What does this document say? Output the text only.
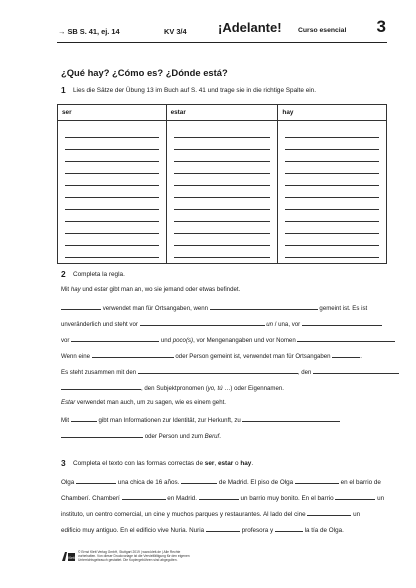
→ SB S. 41, ej. 14	KV 3/4 ¡Adelante! Curso esencial 3
¿Qué hay? ¿Cómo es? ¿Dónde está?
1 Lies die Sätze der Übung 13 im Buch auf S. 41 und trage sie in die richtige Spalte ein.
ser	estar	hay

2 Completa la regla.
Mit hay und estar gibt man an, wo sie jemand oder etwas befindet.
verwendet man für Ortsangaben, wenn	gemeint ist. Es ist
unveränderlich und steht vor	un / una, vor
vor	und poco(s), vor Mengenangaben und vor Nomen
Wenn eine	oder Person gemeint ist, verwendet man für Ortsangaben	.
Es steht zusammen mit den	, den
, den Subjektpronomen (yo, tú …) oder Eigennamen.
Estar verwendet man auch, um zu sagen, wie es einem geht.
Mit	gibt man Informationen zur Identität, zur Herkunft, zu
oder Person und zum Beruf.
3 Completa el texto con las formas correctas de ser, estar o hay.
Olga	una chica de 16 años.	de Madrid. El piso de Olga	en el barrio de
Chamberí. Chamberí	en Madrid.	un barrio muy bonito. En el barrio	un
instituto, un centro comercial, un cine y muchos parques y restaurantes. Al lado del cine	un
edificio muy antiguo. En el edificio vive Nuria. Nuria	profesora y	la tía de Olga.
Klett
© Ernst Klett Verlag GmbH, Stuttgart 2019 | www.klett.de | Alle Rechte vorbehalten. Von dieser Druckvorlage ist die Vervielfältigung für den eigenen Unterrichtsgebrauch gestattet. Die Kopiergebühren sind abgegolten.
